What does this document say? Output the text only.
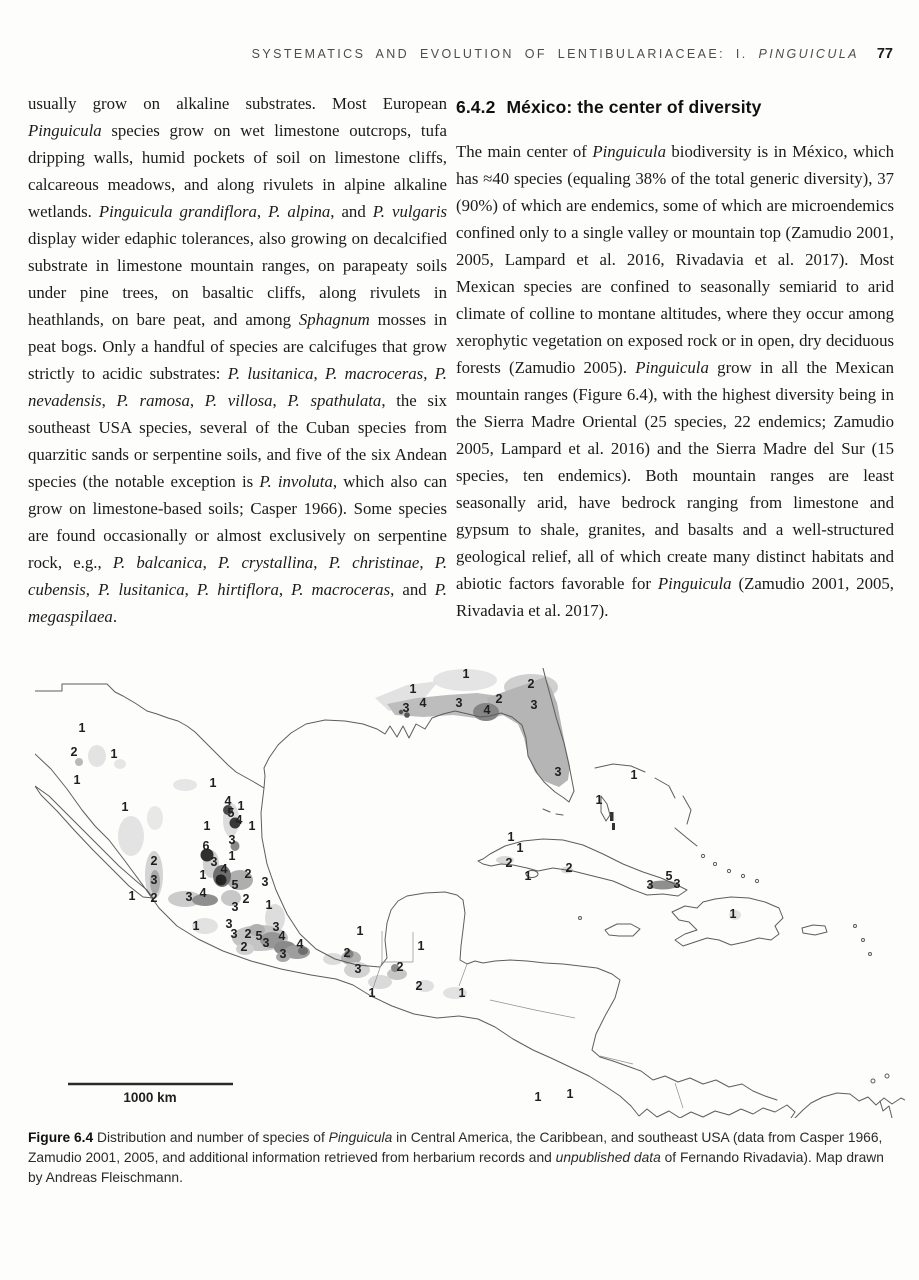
SYSTEMATICS AND EVOLUTION OF LENTIBULARIACEAE: I. PINGUICULA 77

usually grow on alkaline substrates. Most European Pinguicula species grow on wet limestone outcrops, tufa dripping walls, humid pockets of soil on limestone cliffs, calcareous meadows, and along rivulets in alpine alkaline wetlands. Pinguicula grandiflora, P. alpina, and P. vulgaris display wider edaphic tolerances, also growing on decalcified substrate in limestone mountain ranges, on parapeaty soils under pine trees, on basaltic cliffs, along rivulets in heathlands, on bare peat, and among Sphagnum mosses in peat bogs. Only a handful of species are calcifuges that grow strictly to acidic substrates: P. lusitanica, P. macroceras, P. nevadensis, P. ramosa, P. villosa, P. spathulata, the six southeast USA species, several of the Cuban species from quarzitic sands or serpentine soils, and five of the six Andean species (the notable exception is P. involuta, which also can grow on limestone-based soils; Casper 1966). Some species are found occasionally or almost exclusively on serpentine rock, e.g., P. balcanica, P. crystallina, P. christinae, P. cubensis, P. lusitanica, P. hirtiflora, P. macroceras, and P. megaspilaea.

6.4.2 México: the center of diversity

The main center of Pinguicula biodiversity is in México, which has ≈40 species (equaling 38% of the total generic diversity), 37 (90%) of which are endemics, some of which are microendemics confined only to a single valley or mountain top (Zamudio 2001, 2005, Lampard et al. 2016, Rivadavia et al. 2017). Most Mexican species are confined to seasonally semiarid to arid climate of colline to montane altitudes, where they occur among xerophytic vegetation on exposed rock or in open, dry deciduous forests (Zamudio 2005). Pinguicula grow in all the Mexican mountain ranges (Figure 6.4), with the highest diversity being in the Sierra Madre Oriental (25 species, 22 endemics; Zamudio 2005, Lampard et al. 2016) and the Sierra Madre del Sur (15 species, ten endemics). Both mountain ranges are least seasonally arid, have bedrock ranging from limestone and gypsum to shale, granites, and basalts and a well-structured geological relief, all of which create many distinct habitats and abiotic factors favorable for Pinguicula (Zamudio 2001, 2005, Rivadavia et al. 2017).

1
2	1
1
1
1
4 1
5 4 1
1
3
6
1
3 4
1 6 5
2
3
2
3
1 2 3 4
3
2 1
1 3
3 2 5
3
4
3
2	4
3
1
2
3	2
1
1	2	1
1 1
1
1
2
3 4 3	2
4	3
3	1
1
1
1
2
1
2
5
3 3
1
1000 km
Figure 6.4 Distribution and number of species of Pinguicula in Central America, the Caribbean, and southeast USA (data from Casper 1966, Zamudio 2001, 2005, and additional information retrieved from herbarium records and unpublished data of Fernando Rivadavia). Map drawn by Andreas Fleischmann.
